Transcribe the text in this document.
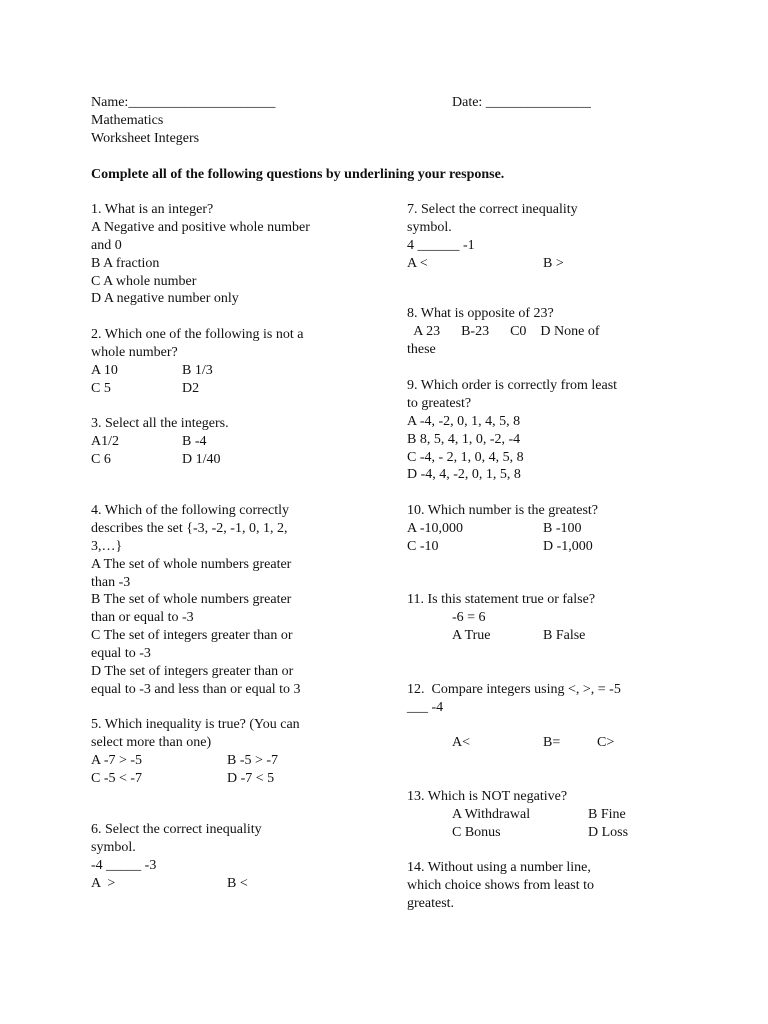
Name:_____________________	Date: _______________
Mathematics
Worksheet Integers
Complete all of the following questions by underlining your response.
1. What is an integer?
A Negative and positive whole number
and 0
B A fraction
C A whole number
D A negative number only
2. Which one of the following is not a
whole number?
A 10	B 1/3
C 5	D2
3. Select all the integers.
A1/2	B -4
C 6	D 1/40
4. Which of the following correctly
describes the set {-3, -2, -1, 0, 1, 2,
3,…}
A The set of whole numbers greater
than -3
B The set of whole numbers greater
than or equal to -3
C The set of integers greater than or
equal to -3
D The set of integers greater than or
equal to -3 and less than or equal to 3
5. Which inequality is true? (You can
select more than one)
A -7 > -5	B -5 > -7
C -5 < -7	D -7 < 5
6. Select the correct inequality
symbol.
-4 _____ -3
A  >	B <
7. Select the correct inequality
symbol.
4 ______ -1
A <	B >
8. What is opposite of 23?
A 23      B-23      C0    D None of
these
9. Which order is correctly from least
to greatest?
A -4, -2, 0, 1, 4, 5, 8
B 8, 5, 4, 1, 0, -2, -4
C -4, - 2, 1, 0, 4, 5, 8
D -4, 4, -2, 0, 1, 5, 8
10. Which number is the greatest?
A -10,000	B -100
C -10	D -1,000
11. Is this statement true or false?
-6 = 6
A True	B False
12.  Compare integers using <, >, = -5
___ -4
A<	B=	C>
13. Which is NOT negative?
A Withdrawal	B Fine
C Bonus	D Loss
14. Without using a number line,
which choice shows from least to
greatest.
